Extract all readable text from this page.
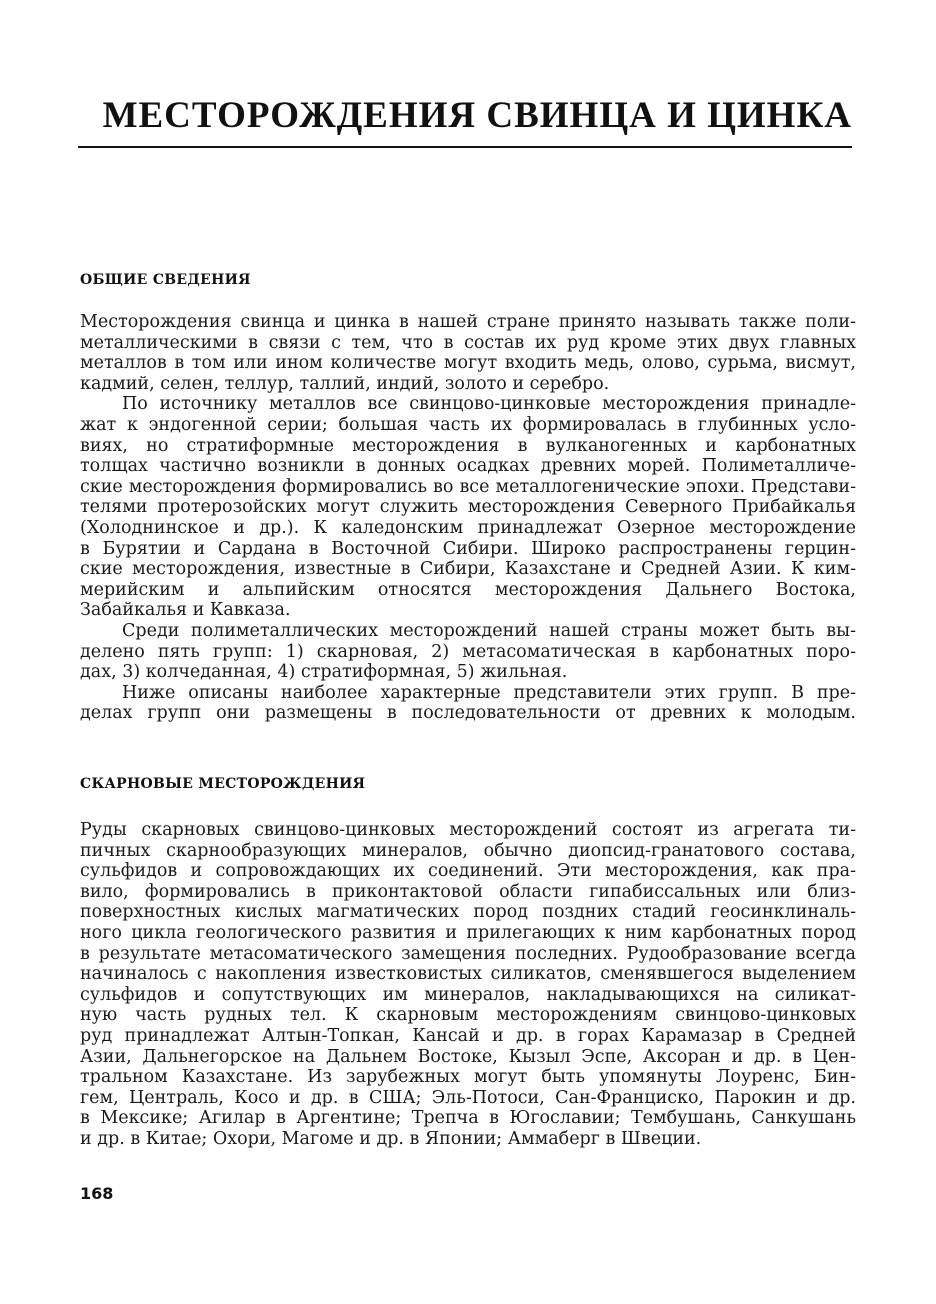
МЕСТОРОЖДЕНИЯ СВИНЦА И ЦИНКА
ОБЩИЕ СВЕДЕНИЯ
Месторождения свинца и цинка в нашей стране принято называть также поли-
металлическими в связи с тем, что в состав их руд кроме этих двух главных
металлов в том или ином количестве могут входить медь, олово, сурьма, висмут,
кадмий, селен, теллур, таллий, индий, золото и серебро.
По источнику металлов все свинцово-цинковые месторождения принадле-
жат к эндогенной серии; большая часть их формировалась в глубинных усло-
виях, но стратиформные месторождения в вулканогенных и карбонатных
толщах частично возникли в донных осадках древних морей. Полиметалличе-
ские месторождения формировались во все металлогенические эпохи. Представи-
телями протерозойских могут служить месторождения Северного Прибайкалья
(Холоднинское и др.). К каледонским принадлежат Озерное месторождение
в Бурятии и Сардана в Восточной Сибири. Широко распространены герцин-
ские месторождения, известные в Сибири, Казахстане и Средней Азии. К ким-
мерийским и альпийским относятся месторождения Дальнего Востока,
Забайкалья и Кавказа.
Среди полиметаллических месторождений нашей страны может быть вы-
делено пять групп: 1) скарновая, 2) метасоматическая в карбонатных поро-
дах, 3) колчеданная, 4) стратиформная, 5) жильная.
Ниже описаны наиболее характерные представители этих групп. В пре-
делах групп они размещены в последовательности от древних к молодым.
СКАРНОВЫЕ МЕСТОРОЖДЕНИЯ
Руды скарновых свинцово-цинковых месторождений состоят из агрегата ти-
пичных скарнообразующих минералов, обычно диопсид-гранатового состава,
сульфидов и сопровождающих их соединений. Эти месторождения, как пра-
вило, формировались в приконтактовой области гипабиссальных или близ-
поверхностных кислых магматических пород поздних стадий геосинклиналь-
ного цикла геологического развития и прилегающих к ним карбонатных пород
в результате метасоматического замещения последних. Рудообразование всегда
начиналось с накопления известковистых силикатов, сменявшегося выделением
сульфидов и сопутствующих им минералов, накладывающихся на силикат-
ную часть рудных тел. К скарновым месторождениям свинцово-цинковых
руд принадлежат Алтын-Топкан, Кансай и др. в горах Карамазар в Средней
Азии, Дальнегорское на Дальнем Востоке, Кызыл Эспе, Аксоран и др. в Цен-
тральном Казахстане. Из зарубежных могут быть упомянуты Лоуренс, Бин-
гем, Централь, Косо и др. в США; Эль-Потоси, Сан-Франциско, Парокин и др.
в Мексике; Агилар в Аргентине; Трепча в Югославии; Тембушань, Санкушань
и др. в Китае; Охори, Магоме и др. в Японии; Аммаберг в Швеции.

168
